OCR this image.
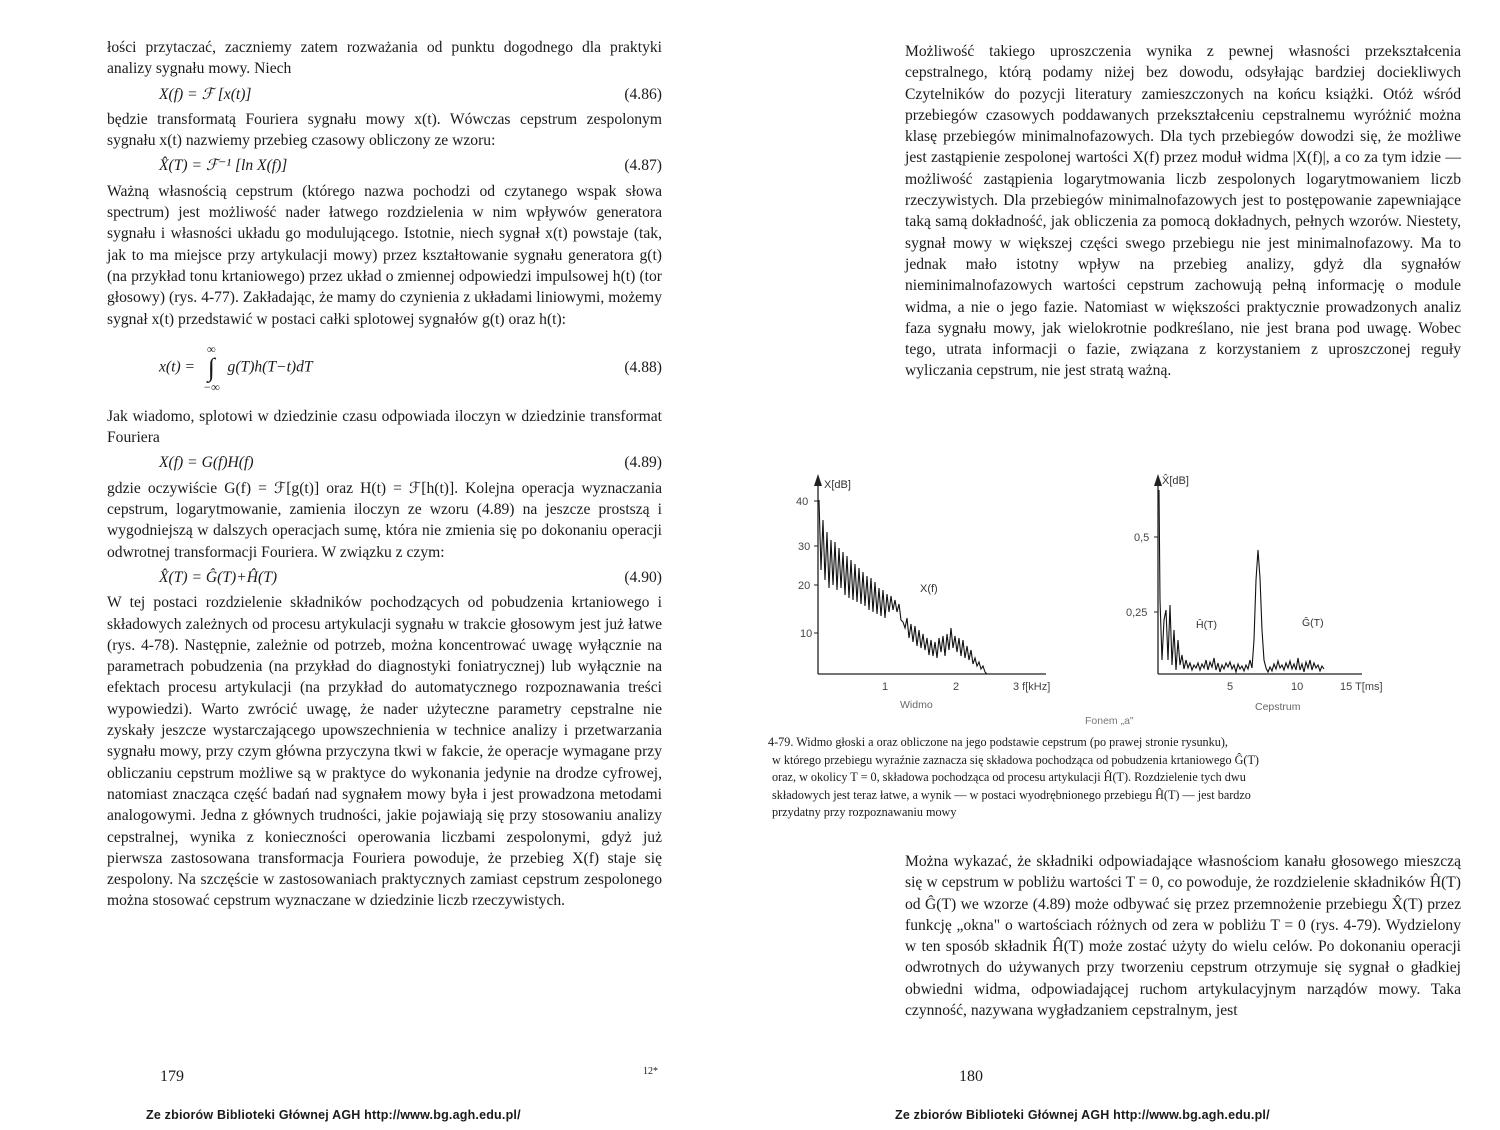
łości przytaczać, zaczniemy zatem rozważania od punktu dogodnego dla praktyki analizy sygnału mowy. Niech

X(f) = ℱ [x(t)]	(4.86)

będzie transformatą Fouriera sygnału mowy x(t). Wówczas cepstrum zespolonym sygnału x(t) nazwiemy przebieg czasowy obliczony ze wzoru:

X̂(T) = ℱ⁻¹ [ln X(f)]	(4.87)

Ważną własnością cepstrum (którego nazwa pochodzi od czytanego wspak słowa spectrum) jest możliwość nader łatwego rozdzielenia w nim wpływów generatora sygnału i własności układu go modulującego. Istotnie, niech sygnał x(t) powstaje (tak, jak to ma miejsce przy artykulacji mowy) przez kształtowanie sygnału generatora g(t) (na przykład tonu krtaniowego) przez układ o zmiennej odpowiedzi impulsowej h(t) (tor głosowy) (rys. 4-77). Zakładając, że mamy do czynienia z układami liniowymi, możemy sygnał x(t) przedstawić w postaci całki splotowej sygnałów g(t) oraz h(t):

x(t) =
∞
∫
−∞
g(T)h(T−t)dT	(4.88)

Jak wiadomo, splotowi w dziedzinie czasu odpowiada iloczyn w dziedzinie transformat Fouriera

X(f) = G(f)H(f)	(4.89)

gdzie oczywiście G(f) = ℱ[g(t)] oraz H(t) = ℱ[h(t)]. Kolejna operacja wyznaczania cepstrum, logarytmowanie, zamienia iloczyn ze wzoru (4.89) na jeszcze prostszą i wygodniejszą w dalszych operacjach sumę, która nie zmienia się po dokonaniu operacji odwrotnej transformacji Fouriera. W związku z czym:

X̂(T) = Ĝ(T)+Ĥ(T)	(4.90)

W tej postaci rozdzielenie składników pochodzących od pobudzenia krtaniowego i składowych zależnych od procesu artykulacji sygnału w trakcie głosowym jest już łatwe (rys. 4-78). Następnie, zależnie od potrzeb, można koncentrować uwagę wyłącznie na parametrach pobudzenia (na przykład do diagnostyki foniatrycznej) lub wyłącznie na efektach procesu artykulacji (na przykład do automatycznego rozpoznawania treści wypowiedzi). Warto zwrócić uwagę, że nader użyteczne parametry cepstralne nie zyskały jeszcze wystarczającego upowszechnienia w technice analizy i przetwarzania sygnału mowy, przy czym główna przyczyna tkwi w fakcie, że operacje wymagane przy obliczaniu cepstrum możliwe są w praktyce do wykonania jedynie na drodze cyfrowej, natomiast znacząca część badań nad sygnałem mowy była i jest prowadzona metodami analogowymi. Jedna z głównych trudności, jakie pojawiają się przy stosowaniu analizy cepstralnej, wynika z konieczności operowania liczbami zespolonymi, gdyż już pierwsza zastosowana transformacja Fouriera powoduje, że przebieg X(f) staje się zespolony. Na szczęście w zastosowaniach praktycznych zamiast cepstrum zespolonego można stosować cepstrum wyznaczane w dziedzinie liczb rzeczywistych.

179	12*
Ze zbiorów Biblioteki Głównej AGH http://www.bg.agh.edu.pl/

Możliwość takiego uproszczenia wynika z pewnej własności przekształcenia cepstralnego, którą podamy niżej bez dowodu, odsyłając bardziej dociekliwych Czytelników do pozycji literatury zamieszczonych na końcu książki. Otóż wśród przebiegów czasowych poddawanych przekształceniu cepstralnemu wyróżnić można klasę przebiegów minimalnofazowych. Dla tych przebiegów dowodzi się, że możliwe jest zastąpienie zespolonej wartości X(f) przez moduł widma |X(f)|, a co za tym idzie — możliwość zastąpienia logarytmowania liczb zespolonych logarytmowaniem liczb rzeczywistych. Dla przebiegów minimalnofazowych jest to postępowanie zapewniające taką samą dokładność, jak obliczenia za pomocą dokładnych, pełnych wzorów. Niestety, sygnał mowy w większej części swego przebiegu nie jest minimalnofazowy. Ma to jednak mało istotny wpływ na przebieg analizy, gdyż dla sygnałów nieminimalnofazowych wartości cepstrum zachowują pełną informację o module widma, a nie o jego fazie. Natomiast w większości praktycznie prowadzonych analiz faza sygnału mowy, jak wielokrotnie podkreślano, nie jest brana pod uwagę. Wobec tego, utrata informacji o fazie, związana z korzystaniem z uproszczonej reguły wyliczania cepstrum, nie jest stratą ważną.

X[dB]
40
30
20
10
1	2	3 f[kHz]
X(f)
Widmo
X̂[dB]
0,5
0,25
5	10	15 T[ms]
Ĥ(T)	Ĝ(T)
Cepstrum
Fonem „a"

4-79. Widmo głoski a oraz obliczone na jego podstawie cepstrum (po prawej stronie rysunku),

w którego przebiegu wyraźnie zaznacza się składowa pochodząca od pobudzenia krtaniowego Ĝ(T)

oraz, w okolicy T = 0, składowa pochodząca od procesu artykulacji Ĥ(T). Rozdzielenie tych dwu

składowych jest teraz łatwe, a wynik — w postaci wyodrębnionego przebiegu Ĥ(T) — jest bardzo

przydatny przy rozpoznawaniu mowy

Można wykazać, że składniki odpowiadające własnościom kanału głosowego mieszczą się w cepstrum w pobliżu wartości T = 0, co powoduje, że rozdzielenie składników Ĥ(T) od Ĝ(T) we wzorze (4.89) może odbywać się przez przemnożenie przebiegu X̂(T) przez funkcję „okna" o wartościach różnych od zera w pobliżu T = 0 (rys. 4-79). Wydzielony w ten sposób składnik Ĥ(T) może zostać użyty do wielu celów. Po dokonaniu operacji odwrotnych do używanych przy tworzeniu cepstrum otrzymuje się sygnał o gładkiej obwiedni widma, odpowiadającej ruchom artykulacyjnym narządów mowy. Taka czynność, nazywana wygładzaniem cepstralnym, jest

180
Ze zbiorów Biblioteki Głównej AGH http://www.bg.agh.edu.pl/
